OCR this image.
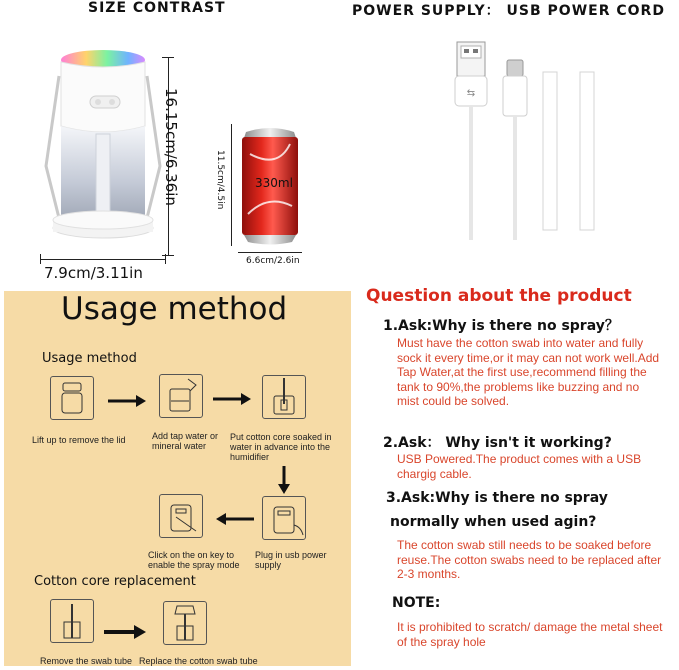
SIZE CONTRAST
16.15cm/6.36in
7.9cm/3.11in
330ml
11.5cm/4.5in
6.6cm/2.6in
POWER SUPPLY： USB POWER CORD
⇆
Usage method
Usage method
Lift up to remove the lid	Add tap water or mineral water
Put cotton core soaked in water in advance into the humidifier
Plug in usb power supply
Click on the on key to enable the spray mode
Cotton core replacement
Remove the swab tube Replace the cotton swab tube
Question about the product
1.Ask:Why is there no spray？
Must have the cotton swab into water and fully sock it every time,or it may can not work well.Add Tap Water,at the first use,recommend filling the tank to 90%,the problems like buzzing and no mist could be solved.
2.Ask： Why isn't it working?
USB Powered.The product comes with a USB chargig cable.
3.Ask:Why is there no spray
normally when used agin?
The cotton swab still needs to be soaked before reuse.The cotton swabs need to be replaced after 2-3 months.
NOTE:
It is prohibited to scratch/ damage the metal sheet of the spray hole
